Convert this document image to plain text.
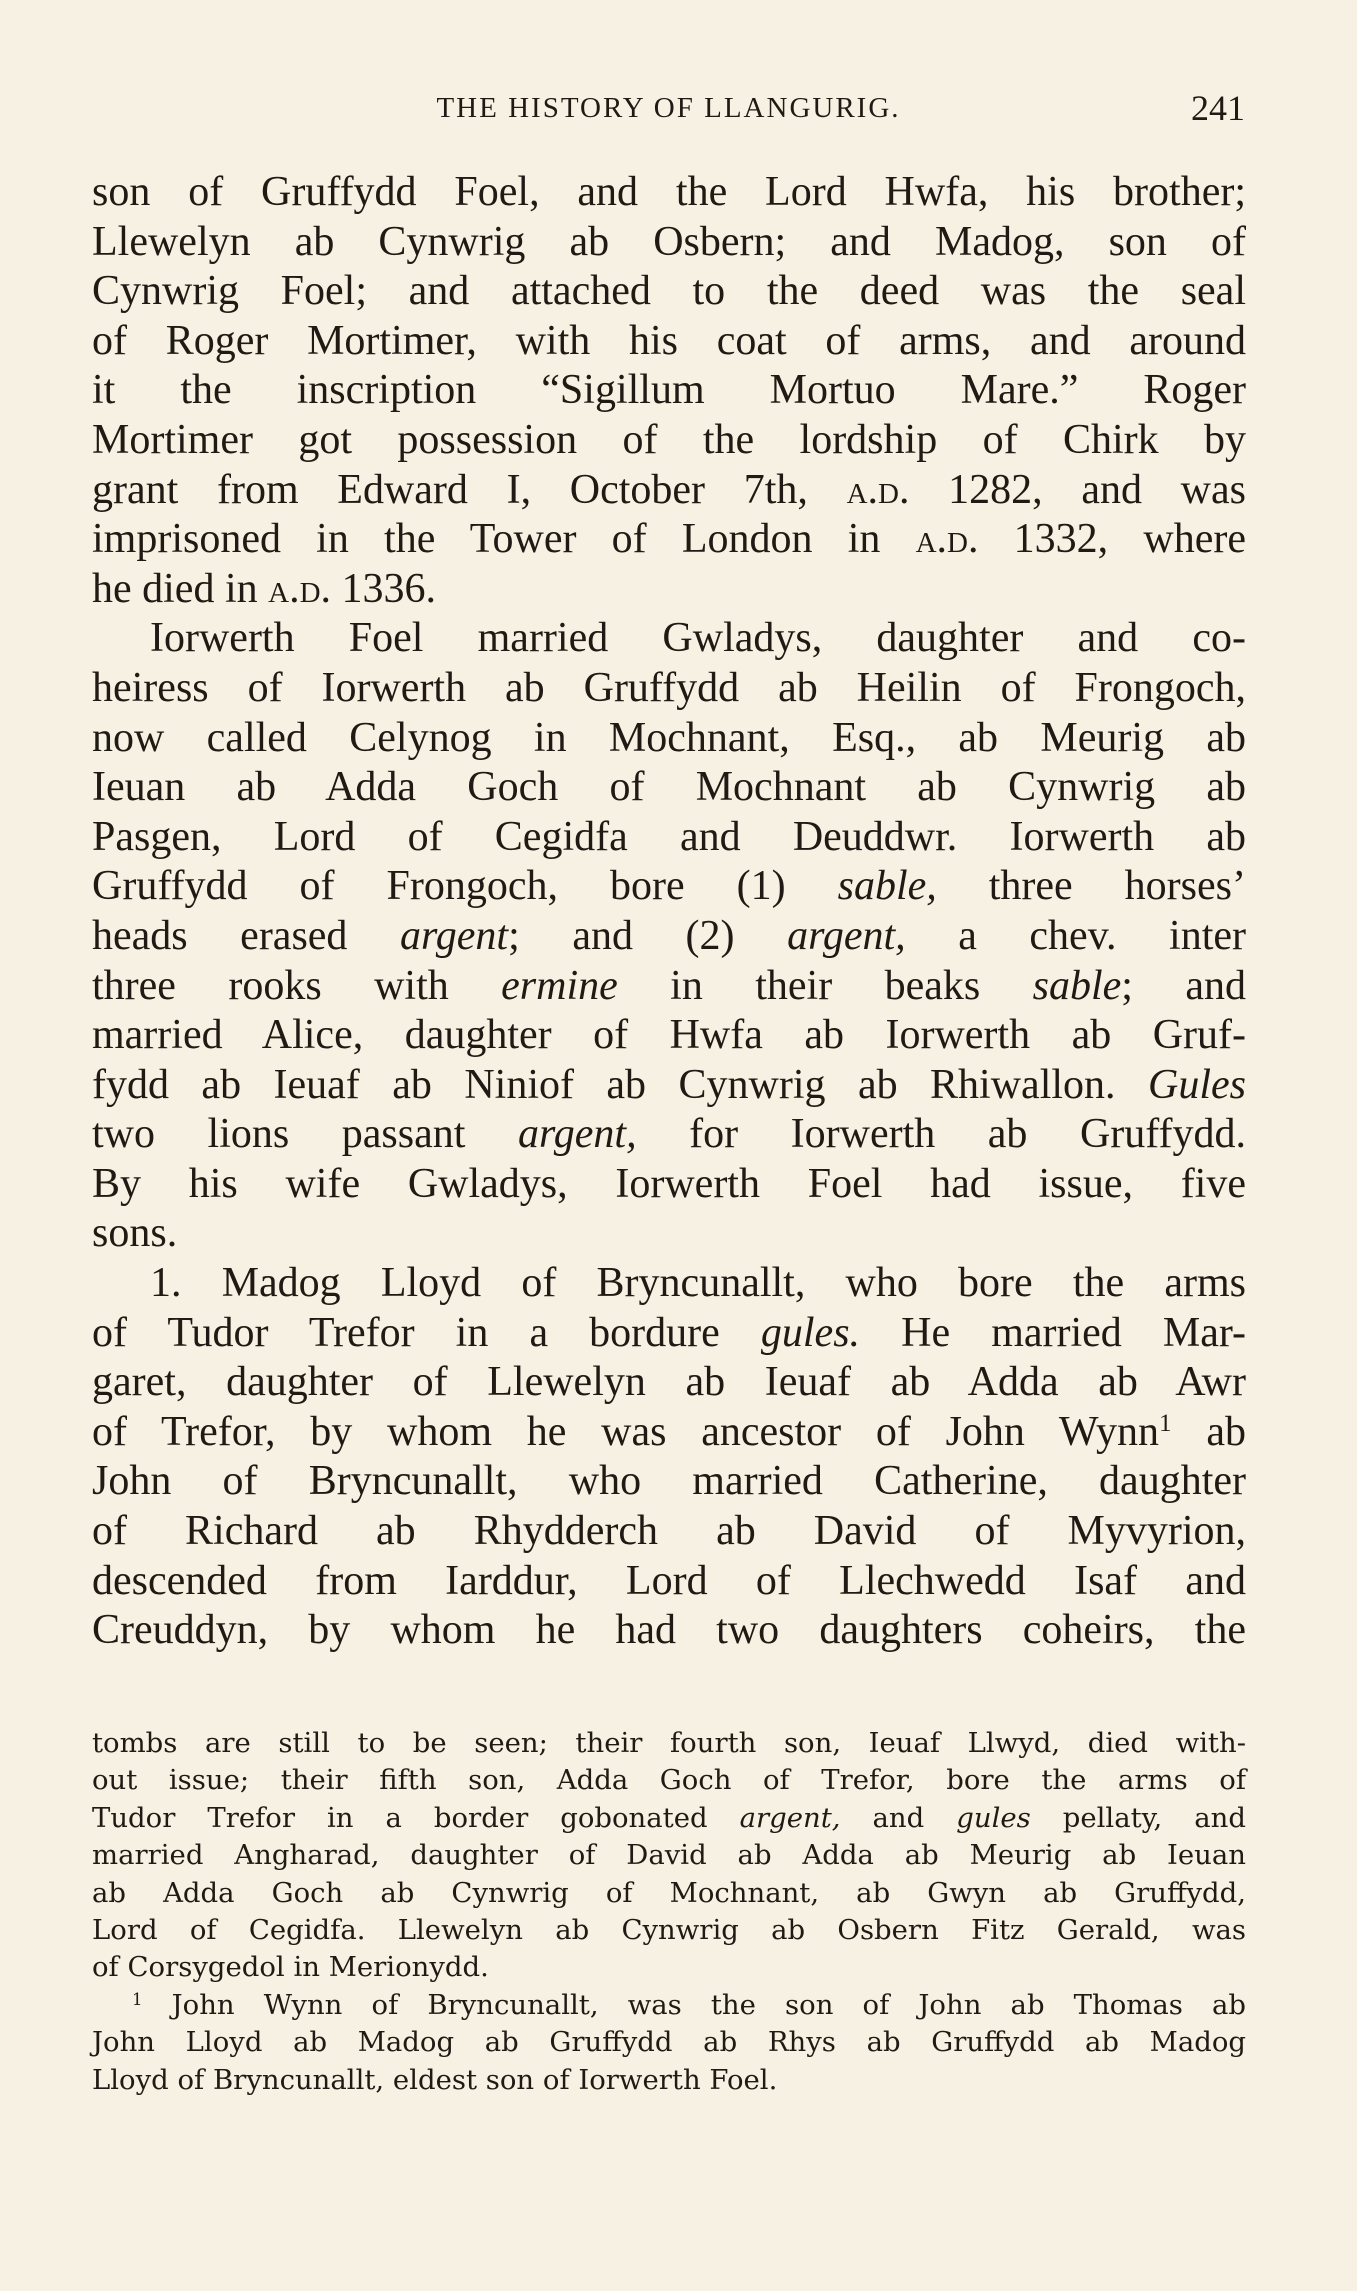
THE HISTORY OF LLANGURIG.	241
son of Gruffydd Foel, and the Lord Hwfa, his brother;
Llewelyn ab Cynwrig ab Osbern; and Madog, son of
Cynwrig Foel; and attached to the deed was the seal
of Roger Mortimer, with his coat of arms, and around
it the inscription “Sigillum Mortuo Mare.” Roger
Mortimer got possession of the lordship of Chirk by
grant from Edward I, October 7th, a.d. 1282, and was
imprisoned in the Tower of London in a.d. 1332, where
he died in a.d. 1336.
Iorwerth Foel married Gwladys, daughter and co-
heiress of Iorwerth ab Gruffydd ab Heilin of Frongoch,
now called Celynog in Mochnant, Esq., ab Meurig ab
Ieuan ab Adda Goch of Mochnant ab Cynwrig ab
Pasgen, Lord of Cegidfa and Deuddwr. Iorwerth ab
Gruffydd of Frongoch, bore (1) sable, three horses’
heads erased argent; and (2) argent, a chev. inter
three rooks with ermine in their beaks sable; and
married Alice, daughter of Hwfa ab Iorwerth ab Gruf-
fydd ab Ieuaf ab Niniof ab Cynwrig ab Rhiwallon. Gules
two lions passant argent, for Iorwerth ab Gruffydd.
By his wife Gwladys, Iorwerth Foel had issue, five
sons.
1. Madog Lloyd of Bryncunallt, who bore the arms
of Tudor Trefor in a bordure gules. He married Mar-
garet, daughter of Llewelyn ab Ieuaf ab Adda ab Awr
of Trefor, by whom he was ancestor of John Wynn$^1$ ab
John of Bryncunallt, who married Catherine, daughter
of Richard ab Rhydderch ab David of Myvyrion,
descended from Iarddur, Lord of Llechwedd Isaf and
Creuddyn, by whom he had two daughters coheirs, the
tombs are still to be seen; their fourth son, Ieuaf Llwyd, died with-
out issue; their fifth son, Adda Goch of Trefor, bore the arms of
Tudor Trefor in a border gobonated argent, and gules pellaty, and
married Angharad, daughter of David ab Adda ab Meurig ab Ieuan
ab Adda Goch ab Cynwrig of Mochnant, ab Gwyn ab Gruffydd,
Lord of Cegidfa. Llewelyn ab Cynwrig ab Osbern Fitz Gerald, was
of Corsygedol in Merionydd.
$^1$ John Wynn of Bryncunallt, was the son of John ab Thomas ab
John Lloyd ab Madog ab Gruffydd ab Rhys ab Gruffydd ab Madog
Lloyd of Bryncunallt, eldest son of Iorwerth Foel.
